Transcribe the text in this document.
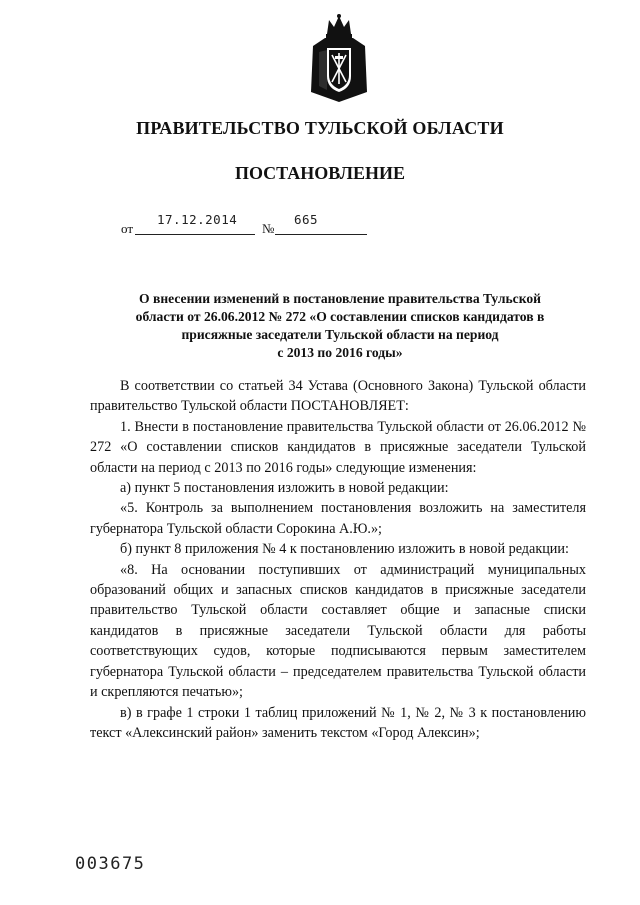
ПРАВИТЕЛЬСТВО ТУЛЬСКОЙ ОБЛАСТИ
ПОСТАНОВЛЕНИЕ
от
17.12.2014
№
665
О внесении изменений в постановление правительства Тульской
области от 26.06.2012 № 272 «О составлении списков кандидатов в
присяжные заседатели Тульской области на период
с 2013 по 2016 годы»

В соответствии со статьей 34 Устава (Основного Закона) Тульской области правительство Тульской области ПОСТАНОВЛЯЕТ:

1. Внести в постановление правительства Тульской области от 26.06.2012 № 272 «О составлении списков кандидатов в присяжные заседатели Тульской области на период с 2013 по 2016 годы» следующие изменения:

а) пункт 5 постановления изложить в новой редакции:

«5. Контроль за выполнением постановления возложить на заместителя губернатора Тульской области Сорокина А.Ю.»;

б) пункт 8 приложения № 4 к постановлению изложить в новой редакции:

«8. На основании поступивших от администраций муниципальных образований общих и запасных списков кандидатов в присяжные заседатели правительство Тульской области составляет общие и запасные списки кандидатов в присяжные заседатели Тульской области для работы соответствующих судов, которые подписываются первым заместителем губернатора Тульской области – председателем правительства Тульской области и скрепляются печатью»;

в) в графе 1 строки 1 таблиц приложений № 1, № 2, № 3 к постановлению текст «Алексинский район» заменить текстом «Город Алексин»;

003675
